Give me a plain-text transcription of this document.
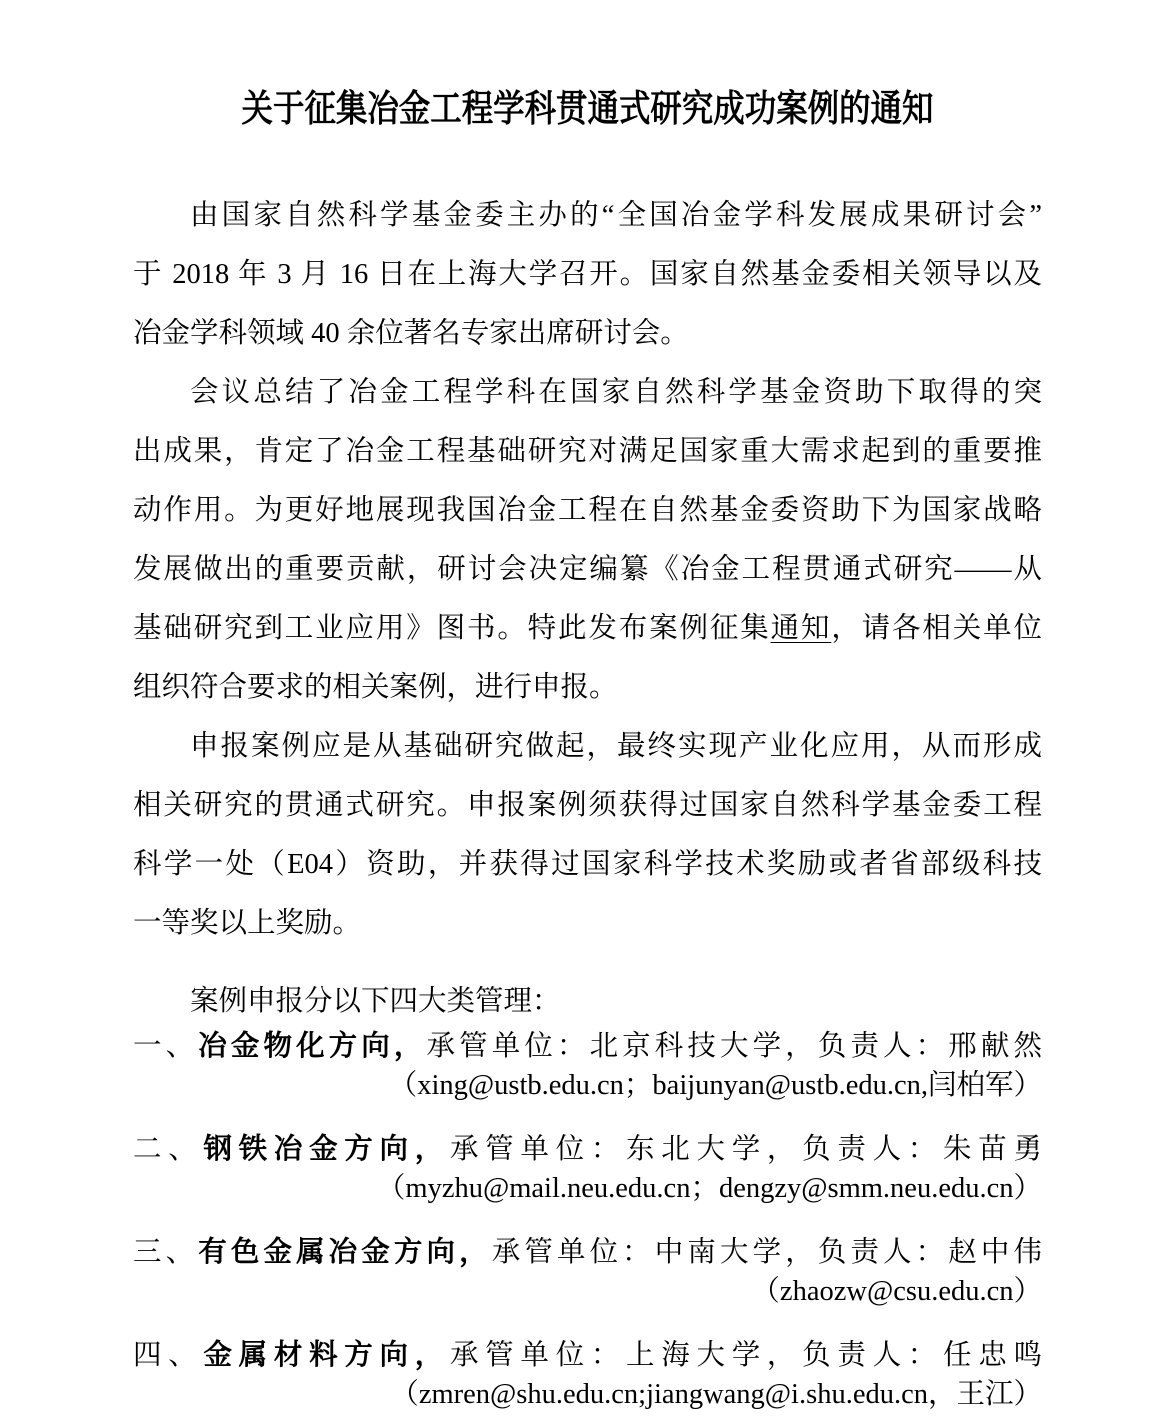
关于征集冶金工程学科贯通式研究成功案例的通知
由国家自然科学基金委主办的“全国冶金学科发展成果研讨会”
于 2018 年 3 月 16 日在上海大学召开。国家自然基金委相关领导以及
冶金学科领域 40 余位著名专家出席研讨会。
会议总结了冶金工程学科在国家自然科学基金资助下取得的突
出成果，肯定了冶金工程基础研究对满足国家重大需求起到的重要推
动作用。为更好地展现我国冶金工程在自然基金委资助下为国家战略
发展做出的重要贡献，研讨会决定编纂《冶金工程贯通式研究——从
基础研究到工业应用》图书。特此发布案例征集通知，请各相关单位
组织符合要求的相关案例，进行申报。
申报案例应是从基础研究做起，最终实现产业化应用，从而形成
相关研究的贯通式研究。申报案例须获得过国家自然科学基金委工程
科学一处（E04）资助，并获得过国家科学技术奖励或者省部级科技
一等奖以上奖励。
案例申报分以下四大类管理：
一、冶金物化方向，承管单位：北京科技大学，负责人：邢献然
（xing@ustb.edu.cn；baijunyan@ustb.edu.cn,闫柏军）
二、钢铁冶金方向，承管单位：东北大学，负责人：朱苗勇
（myzhu@mail.neu.edu.cn；dengzy@smm.neu.edu.cn）
三、有色金属冶金方向，承管单位：中南大学，负责人：赵中伟
（zhaozw@csu.edu.cn）
四、金属材料方向，承管单位：上海大学，负责人：任忠鸣
（zmren@shu.edu.cn;jiangwang@i.shu.edu.cn，王江）
